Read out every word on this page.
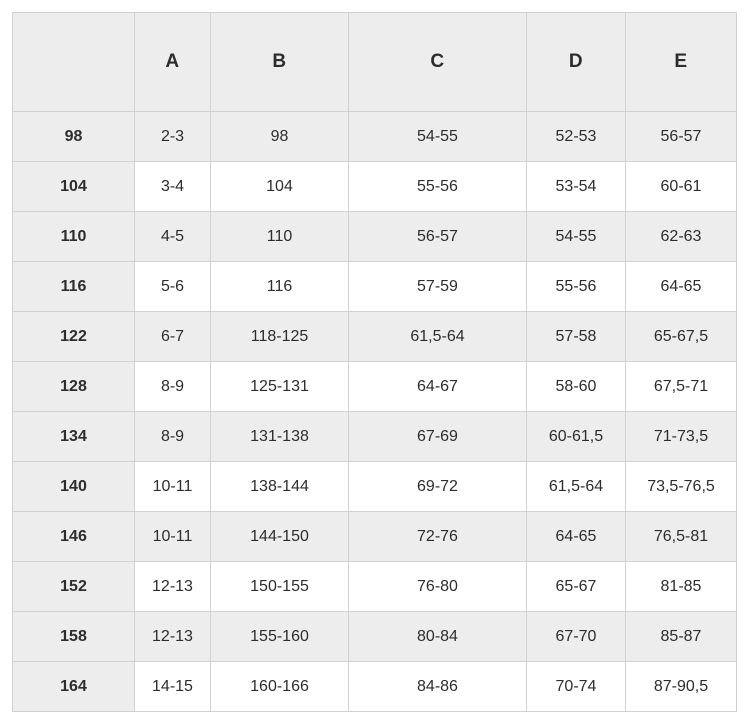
	A	B	C	D	E
98	2-3	98	54-55	52-53	56-57
104	3-4	104	55-56	53-54	60-61
110	4-5	110	56-57	54-55	62-63
116	5-6	116	57-59	55-56	64-65
122	6-7	118-125	61,5-64	57-58	65-67,5
128	8-9	125-131	64-67	58-60	67,5-71
134	8-9	131-138	67-69	60-61,5	71-73,5
140	10-11	138-144	69-72	61,5-64	73,5-76,5
146	10-11	144-150	72-76	64-65	76,5-81
152	12-13	150-155	76-80	65-67	81-85
158	12-13	155-160	80-84	67-70	85-87
164	14-15	160-166	84-86	70-74	87-90,5
